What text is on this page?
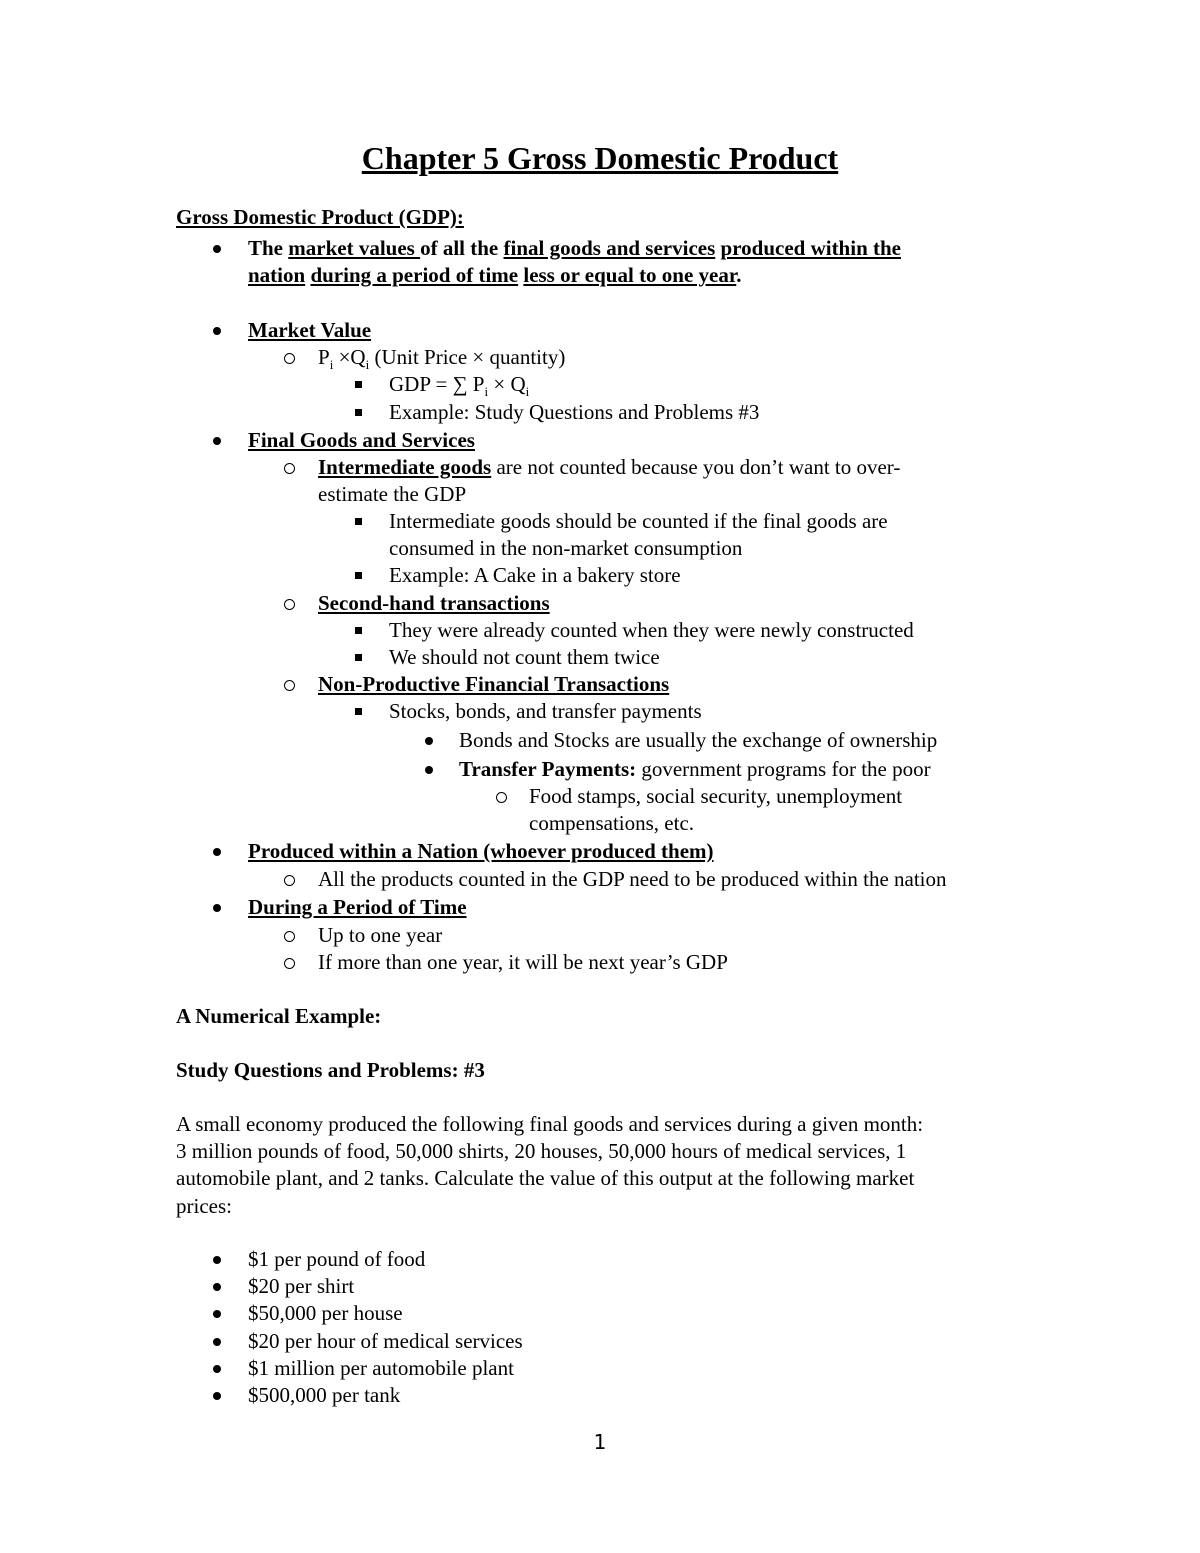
Chapter 5 Gross Domestic Product
Gross Domestic Product (GDP):
The market values of all the final goods and services produced within the
nation during a period of time less or equal to one year.
Market Value
$P_i \times Q_i$ (Unit Price × quantity)
GDP = ∑ $P_i \times Q_i$
Example: Study Questions and Problems #3
Final Goods and Services
Intermediate goods are not counted because you don’t want to over-
estimate the GDP
Intermediate goods should be counted if the final goods are
consumed in the non-market consumption
Example: A Cake in a bakery store
Second-hand transactions
They were already counted when they were newly constructed
We should not count them twice
Non-Productive Financial Transactions
Stocks, bonds, and transfer payments
Bonds and Stocks are usually the exchange of ownership
Transfer Payments: government programs for the poor
Food stamps, social security, unemployment
compensations, etc.
Produced within a Nation (whoever produced them)
All the products counted in the GDP need to be produced within the nation
During a Period of Time
Up to one year
If more than one year, it will be next year’s GDP
A Numerical Example:
Study Questions and Problems: #3
A small economy produced the following final goods and services during a given month:
3 million pounds of food, 50,000 shirts, 20 houses, 50,000 hours of medical services, 1
automobile plant, and 2 tanks. Calculate the value of this output at the following market
prices:
$1 per pound of food
$20 per shirt
$50,000 per house
$20 per hour of medical services
$1 million per automobile plant
$500,000 per tank
1
